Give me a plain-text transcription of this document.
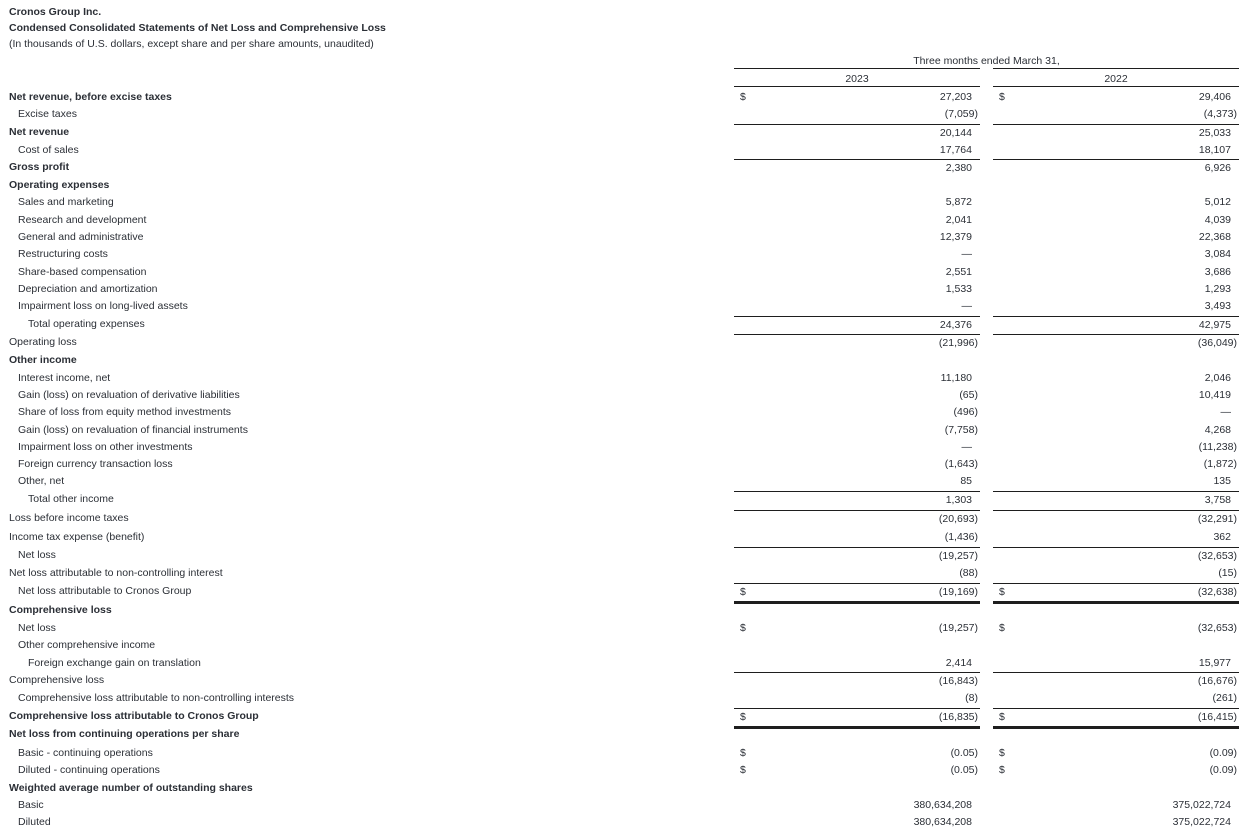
Cronos Group Inc.
Condensed Consolidated Statements of Net Loss and Comprehensive Loss
(In thousands of U.S. dollars, except share and per share amounts, unaudited)
Three months ended March 31,
2023	2022
Net revenue, before excise taxes	$	27,203	$	29,406
Excise taxes	(7,059)	(4,373)
Net revenue	20,144	25,033
Cost of sales	17,764	18,107
Gross profit	2,380	6,926
Operating expenses
Sales and marketing	5,872	5,012
Research and development	2,041	4,039
General and administrative	12,379	22,368
Restructuring costs	—	3,084
Share-based compensation	2,551	3,686
Depreciation and amortization	1,533	1,293
Impairment loss on long-lived assets	—	3,493
Total operating expenses	24,376	42,975
Operating loss	(21,996)	(36,049)
Other income
Interest income, net	11,180	2,046
Gain (loss) on revaluation of derivative liabilities	(65)	10,419
Share of loss from equity method investments	(496)	—
Gain (loss) on revaluation of financial instruments	(7,758)	4,268
Impairment loss on other investments	—	(11,238)
Foreign currency transaction loss	(1,643)	(1,872)
Other, net	85	135
Total other income	1,303	3,758
Loss before income taxes	(20,693)	(32,291)
Income tax expense (benefit)	(1,436)	362
Net loss	(19,257)	(32,653)
Net loss attributable to non-controlling interest	(88)	(15)
Net loss attributable to Cronos Group	$	(19,169) $	(32,638)
Comprehensive loss
Net loss	$	(19,257) $	(32,653)
Other comprehensive income
Foreign exchange gain on translation	2,414	15,977
Comprehensive loss	(16,843)	(16,676)
Comprehensive loss attributable to non-controlling interests	(8)	(261)
Comprehensive loss attributable to Cronos Group	$	(16,835) $	(16,415)
Net loss from continuing operations per share
Basic - continuing operations	$	(0.05) $	(0.09)
Diluted - continuing operations	$	(0.05) $	(0.09)
Weighted average number of outstanding shares
Basic	380,634,208	375,022,724
Diluted	380,634,208	375,022,724
